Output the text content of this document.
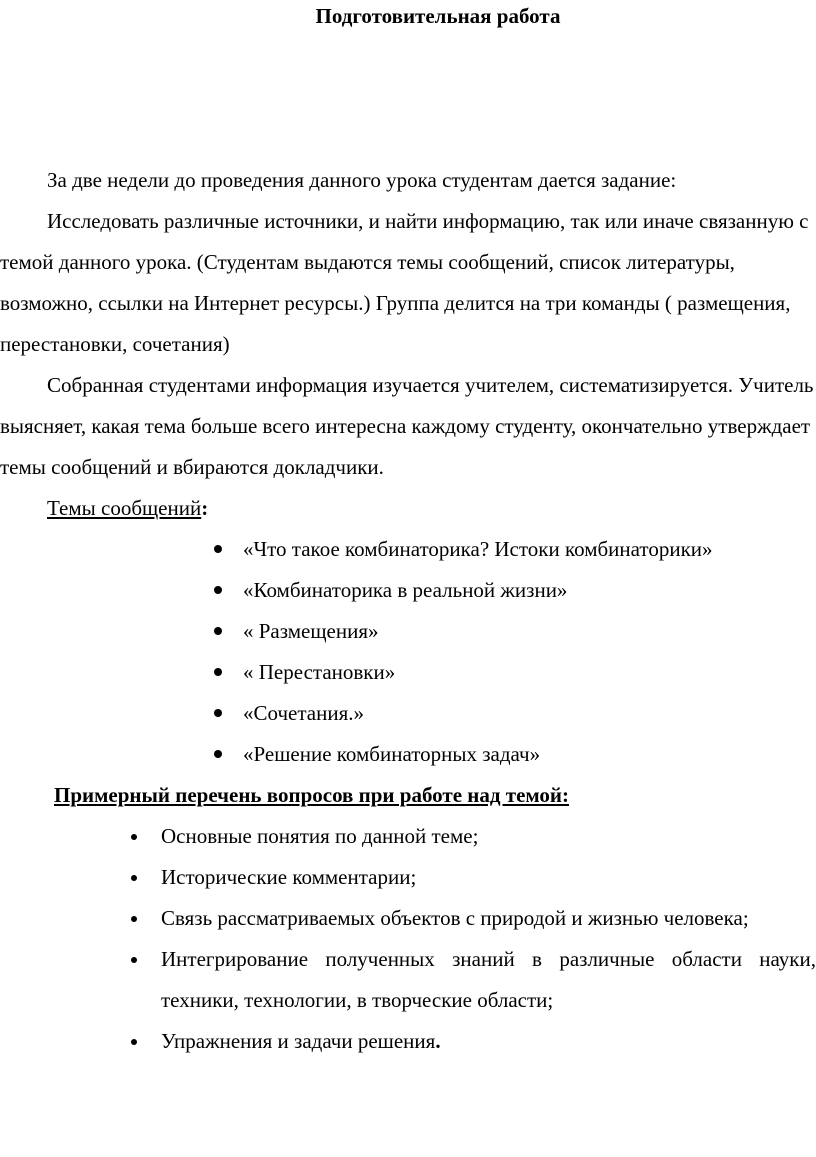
Подготовительная работа

За две недели до проведения данного урока студентам дается задание:

Исследовать различные источники, и найти информацию, так или иначе связанную с темой данного урока. (Студентам выдаются темы сообщений, список литературы, возможно, ссылки на Интернет ресурсы.) Группа делится на три команды ( размещения, перестановки, сочетания)

Собранная студентами информация изучается учителем, систематизируется. Учитель выясняет, какая тема больше всего интересна каждому студенту, окончательно утверждает темы сообщений и вбираются докладчики.

Темы сообщений:

«Что такое комбинаторика? Истоки комбинаторики»
«Комбинаторика в реальной жизни»
« Размещения»
« Перестановки»
«Сочетания.»
«Решение комбинаторных задач»

Примерный перечень вопросов при работе над темой:

Основные понятия по данной теме;
Исторические комментарии;
Связь рассматриваемых объектов с природой и жизнью человека;
Интегрирование полученных знаний в различные области науки, техники, технологии, в творческие области;
Упражнения и задачи решения.
